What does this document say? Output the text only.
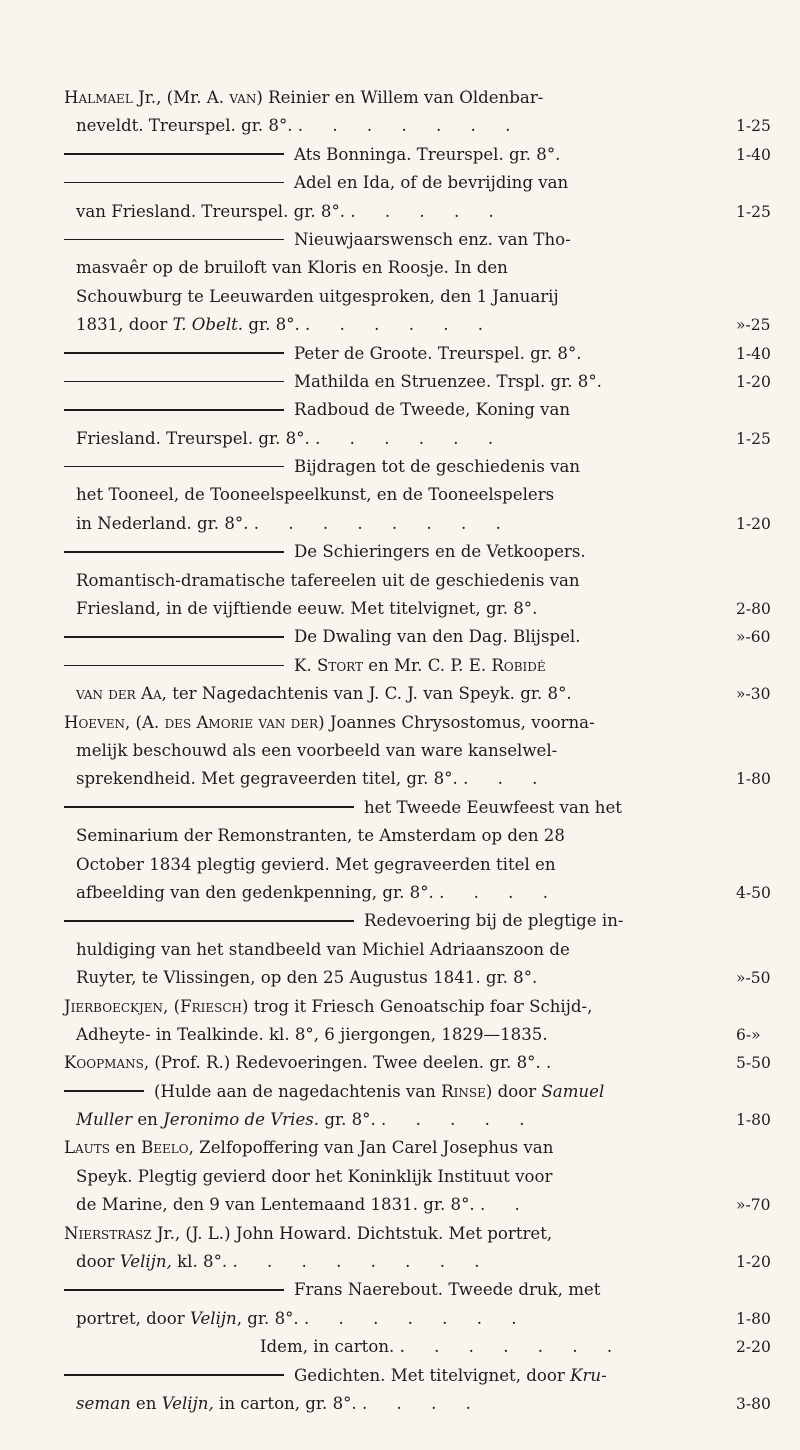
Halmael Jr., (Mr. A. van) Reinier en Willem van Oldenbar-
neveldt. Treurspel. gr. 8°. . . . . . . .	1-25
Ats Bonninga. Treurspel. gr. 8°.	1-40
Adel en Ida, of de bevrijding van
van Friesland. Treurspel. gr. 8°. . . . . .	1-25
Nieuwjaarswensch enz. van Tho-
masvaêr op de bruiloft van Kloris en Roosje. In den
Schouwburg te Leeuwarden uitgesproken, den 1 Januarij
1831, door T. Obelt. gr. 8°. . . . . . .	»-25
Peter de Groote. Treurspel. gr. 8°.	1-40
Mathilda en Struenzee. Trspl. gr. 8°.	1-20
Radboud de Tweede, Koning van
Friesland. Treurspel. gr. 8°. . . . . . .	1-25
Bijdragen tot de geschiedenis van
het Tooneel, de Tooneelspeelkunst, en de Tooneelspelers
in Nederland. gr. 8°. . . . . . . . .	1-20
De Schieringers en de Vetkoopers.
Romantisch-dramatische tafereelen uit de geschiedenis van
Friesland, in de vijftiende eeuw. Met titelvignet, gr. 8°.	2-80
De Dwaling van den Dag. Blijspel.	»-60
K. Stort en Mr. C. P. E. Robidé
van der Aa, ter Nagedachtenis van J. C. J. van Speyk. gr. 8°.	»-30
Hoeven, (A. des Amorie van der) Joannes Chrysostomus, voorna-
melijk beschouwd als een voorbeeld van ware kanselwel-
sprekendheid. Met gegraveerden titel, gr. 8°. . . .	1-80
het Tweede Eeuwfeest van het
Seminarium der Remonstranten, te Amsterdam op den 28
October 1834 plegtig gevierd. Met gegraveerden titel en
afbeelding van den gedenkpenning, gr. 8°. . . . .	4-50
Redevoering bij de plegtige in-
huldiging van het standbeeld van Michiel Adriaanszoon de
Ruyter, te Vlissingen, op den 25 Augustus 1841. gr. 8°.	»-50
Jierboeckjen, (Friesch) trog it Friesch Genoatschip foar Schijd-,
Adheyte- in Tealkinde. kl. 8°, 6 jiergongen, 1829—1835.	6-»
Koopmans, (Prof. R.) Redevoeringen. Twee deelen. gr. 8°. .	5-50
(Hulde aan de nagedachtenis van Rinse) door Samuel
Muller en Jeronimo de Vries. gr. 8°. . . . . .	1-80
Lauts en Beelo, Zelfopoffering van Jan Carel Josephus van
Speyk. Plegtig gevierd door het Koninklijk Instituut voor
de Marine, den 9 van Lentemaand 1831. gr. 8°. . .	»-70
Nierstrasz Jr., (J. L.) John Howard. Dichtstuk. Met portret,
door Velijn, kl. 8°. . . . . . . . .	1-20
Frans Naerebout. Tweede druk, met
portret, door Velijn, gr. 8°. . . . . . . .	1-80
Idem, in carton. . . . . . . .	2-20
Gedichten. Met titelvignet, door Kru-
seman en Velijn, in carton, gr. 8°. . . . .	3-80
